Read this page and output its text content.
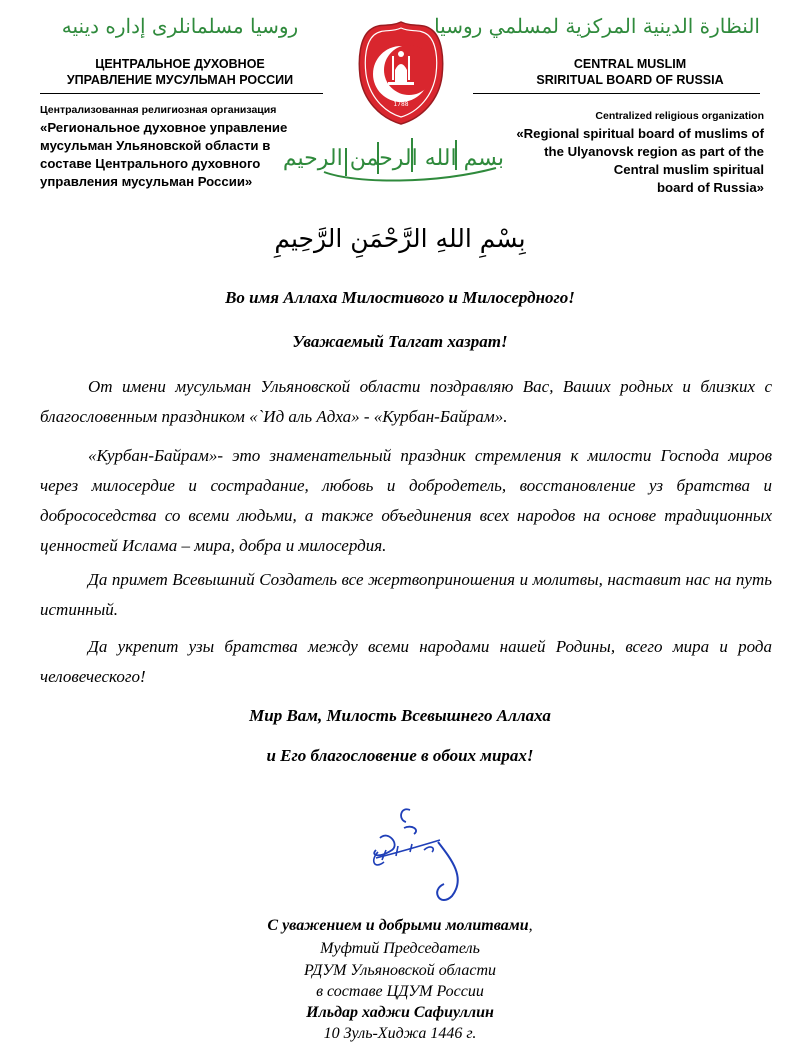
روسيا مسلمانلرى إداره دينيه	النظارة الدينية المركزية لمسلمي روسيا
ЦЕНТРАЛЬНОЕ ДУХОВНОЕ
УПРАВЛЕНИЕ МУСУЛЬМАН РОССИИ
CENTRAL MUSLIM
SRIRITUAL BOARD OF RUSSIA
1788
Централизованная религиозная организация
«Региональное духовное управление
мусульман Ульяновской области в
составе Центрального духовного
управления мусульман России»
Centralized religious organization
«Regional spiritual board of muslims of
the Ulyanovsk region as part of the
Central muslim spiritual
board of Russia»
بسم الله الرحمن الرحيم
بِسْمِ اللهِ الرَّحْمَنِ الرَّحِيمِ
Во имя Аллаха Милостивого и Милосердного!
Уважаемый Талгат хазрат!
От имени мусульман Ульяновской области поздравляю Вас, Ваших родных и близких с благословенным праздником «`Ид аль Адха» - «Курбан-Байрам».
«Курбан-Байрам»- это знаменательный праздник стремления к милости Господа миров через милосердие и сострадание, любовь и добродетель, восстановление уз братства и добрососедства со всеми людьми, а также объединения всех народов на основе традиционных ценностей Ислама – мира, добра и милосердия.
Да примет Всевышний Создатель все жертвоприношения и молитвы, наставит нас на путь истинный.
Да укрепит узы братства между всеми народами нашей Родины, всего мира и рода человеческого!
Мир Вам, Милость Всевышнего Аллаха
и Его благословение в обоих мирах!
С уважением и добрыми молитвами,
Муфтий Председатель
РДУМ Ульяновской области
в составе ЦДУМ России
Ильдар хаджи Сафиуллин
10 Зуль-Хиджа 1446 г.
